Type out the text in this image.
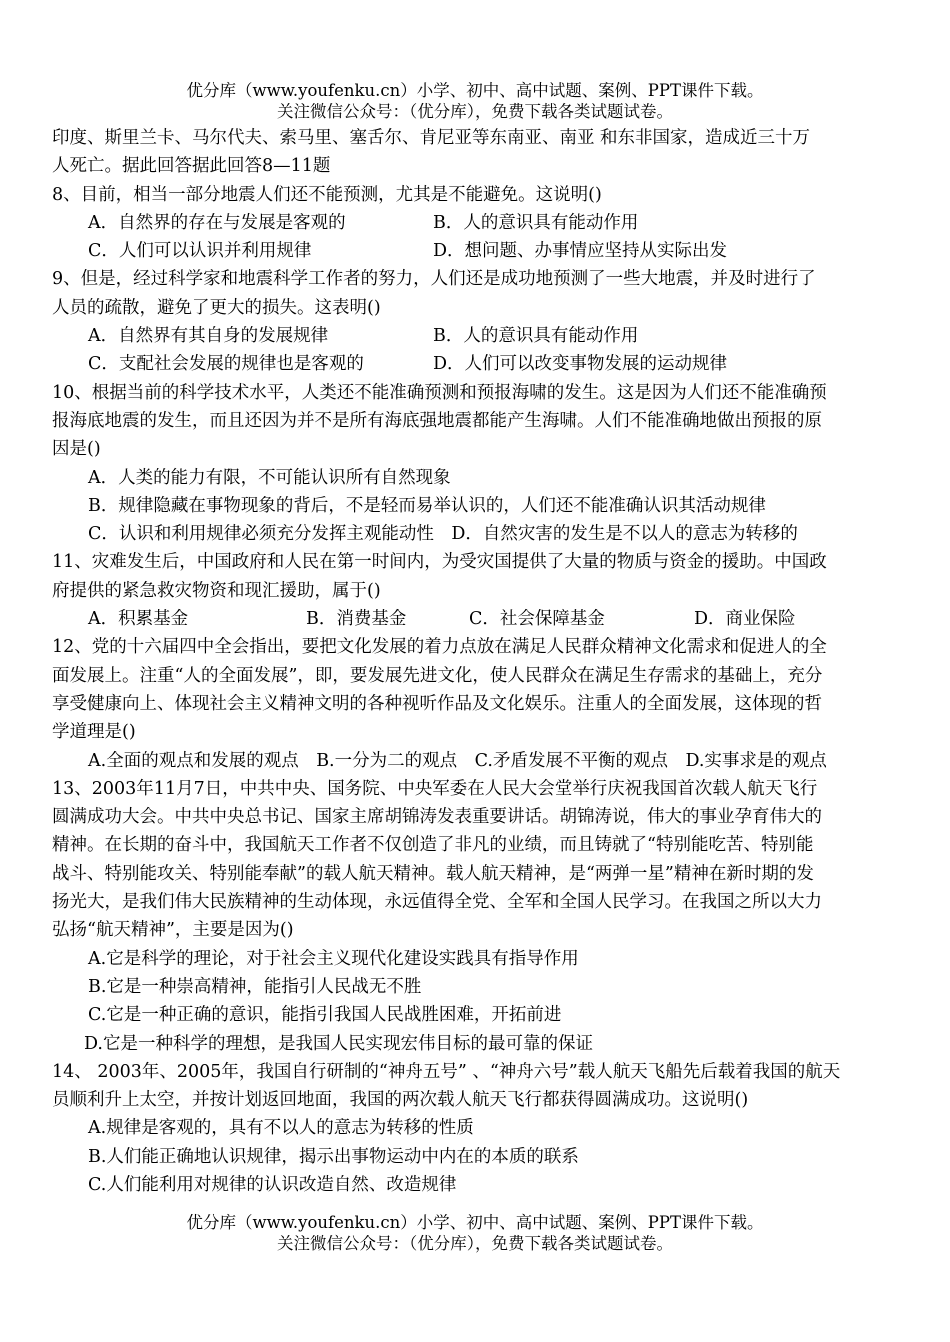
优分库（www.youfenku.cn）小学、初中、高中试题、案例、PPT课件下载。
关注微信公众号：（优分库），免费下载各类试题试卷。
印度、斯里兰卡、马尔代夫、索马里、塞舌尔、肯尼亚等东南亚、南亚 和东非国家，造成近三十万
人死亡。据此回答据此回答8—11题
8、目前，相当一部分地震人们还不能预测，尤其是不能避免。这说明()
A．自然界的存在与发展是客观的	B．人的意识具有能动作用
C．人们可以认识并利用规律	D．想问题、办事情应坚持从实际出发
9、但是，经过科学家和地震科学工作者的努力，人们还是成功地预测了一些大地震，并及时进行了
人员的疏散，避免了更大的损失。这表明()
A．自然界有其自身的发展规律	B．人的意识具有能动作用
C．支配社会发展的规律也是客观的	D．人们可以改变事物发展的运动规律
10、根据当前的科学技术水平，人类还不能准确预测和预报海啸的发生。这是因为人们还不能准确预
报海底地震的发生，而且还因为并不是所有海底强地震都能产生海啸。人们不能准确地做出预报的原
因是()
A．人类的能力有限，不可能认识所有自然现象
B．规律隐藏在事物现象的背后，不是轻而易举认识的，人们还不能准确认识其活动规律
C．认识和利用规律必须充分发挥主观能动性　D．自然灾害的发生是不以人的意志为转移的
11、灾难发生后，中国政府和人民在第一时间内，为受灾国提供了大量的物质与资金的援助。中国政
府提供的紧急救灾物资和现汇援助，属于()
A．积累基金	B．消费基金	C．社会保障基金	D．商业保险
12、党的十六届四中全会指出，要把文化发展的着力点放在满足人民群众精神文化需求和促进人的全
面发展上。注重“人的全面发展”，即，要发展先进文化，使人民群众在满足生存需求的基础上，充分
享受健康向上、体现社会主义精神文明的各种视听作品及文化娱乐。注重人的全面发展，这体现的哲
学道理是()
A.全面的观点和发展的观点　B.一分为二的观点　C.矛盾发展不平衡的观点　D.实事求是的观点
13、2003年11月7日，中共中央、国务院、中央军委在人民大会堂举行庆祝我国首次载人航天飞行
圆满成功大会。中共中央总书记、国家主席胡锦涛发表重要讲话。胡锦涛说，伟大的事业孕育伟大的
精神。在长期的奋斗中，我国航天工作者不仅创造了非凡的业绩，而且铸就了“特别能吃苦、特别能
战斗、特别能攻关、特别能奉献”的载人航天精神。载人航天精神，是“两弹一星”精神在新时期的发
扬光大，是我们伟大民族精神的生动体现，永远值得全党、全军和全国人民学习。在我国之所以大力
弘扬“航天精神”，主要是因为()
A.它是科学的理论，对于社会主义现代化建设实践具有指导作用
B.它是一种崇高精神，能指引人民战无不胜
C.它是一种正确的意识，能指引我国人民战胜困难，开拓前进
D.它是一种科学的理想，是我国人民实现宏伟目标的最可靠的保证
14、 2003年、2005年，我国自行研制的“神舟五号” 、“神舟六号”载人航天飞船先后载着我国的航天
员顺利升上太空，并按计划返回地面，我国的两次载人航天飞行都获得圆满成功。这说明()
A.规律是客观的，具有不以人的意志为转移的性质
B.人们能正确地认识规律，揭示出事物运动中内在的本质的联系
C.人们能利用对规律的认识改造自然、改造规律
优分库（www.youfenku.cn）小学、初中、高中试题、案例、PPT课件下载。
关注微信公众号：（优分库），免费下载各类试题试卷。
